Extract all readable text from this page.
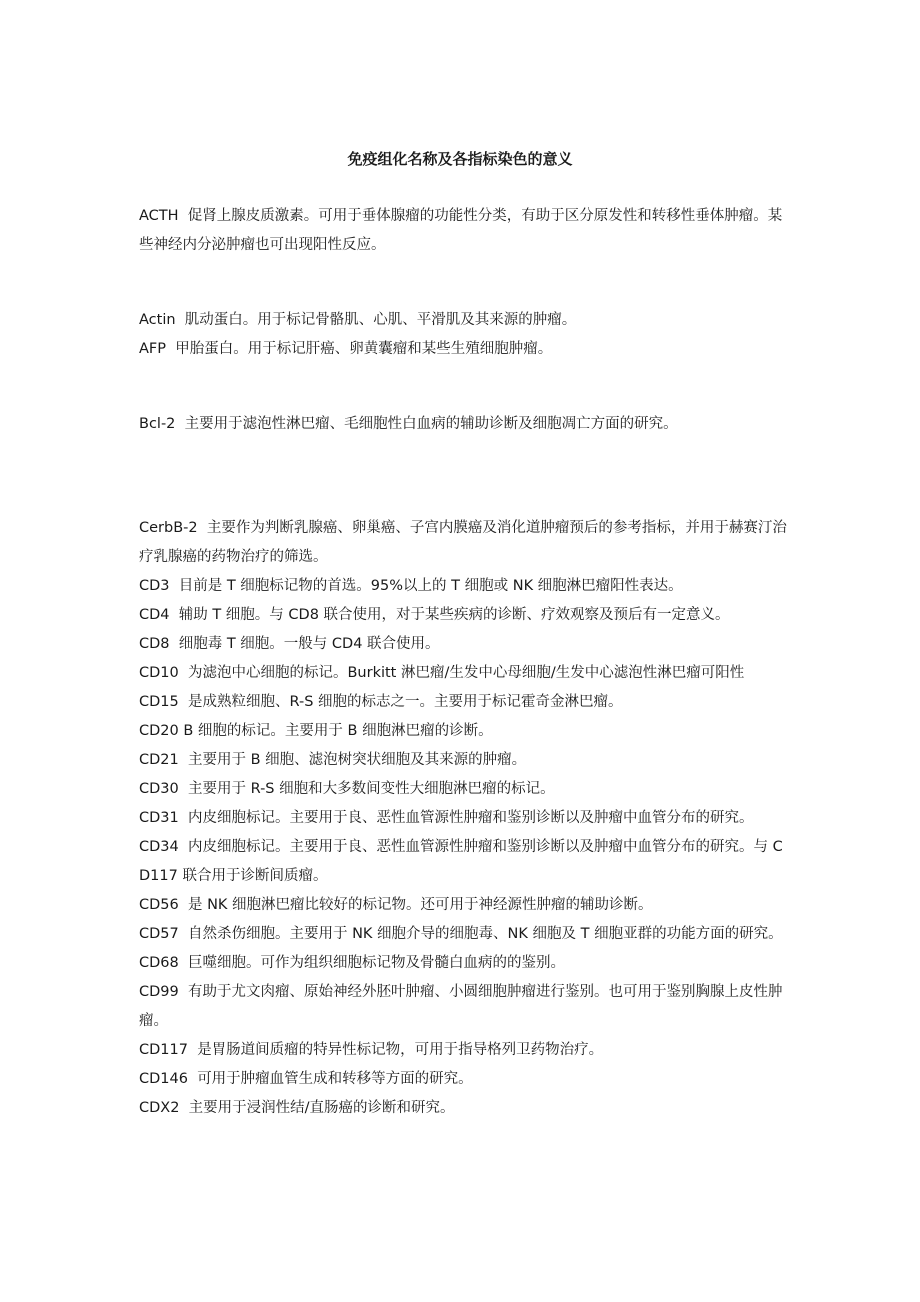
免疫组化名称及各指标染色的意义

ACTH 促肾上腺皮质激素。可用于垂体腺瘤的功能性分类，有助于区分原发性和转移性垂体肿瘤。某些神经内分泌肿瘤也可出现阳性反应。

Actin 肌动蛋白。用于标记骨骼肌、心肌、平滑肌及其来源的肿瘤。

AFP 甲胎蛋白。用于标记肝癌、卵黄囊瘤和某些生殖细胞肿瘤。

Bcl-2 主要用于滤泡性淋巴瘤、毛细胞性白血病的辅助诊断及细胞凋亡方面的研究。

CerbB-2 主要作为判断乳腺癌、卵巢癌、子宫内膜癌及消化道肿瘤预后的参考指标，并用于赫赛汀治疗乳腺癌的药物治疗的筛选。

CD3 目前是 T 细胞标记物的首选。95%以上的 T 细胞或 NK 细胞淋巴瘤阳性表达。

CD4 辅助 T 细胞。与 CD8 联合使用，对于某些疾病的诊断、疗效观察及预后有一定意义。

CD8 细胞毒 T 细胞。一般与 CD4 联合使用。

CD10 为滤泡中心细胞的标记。Burkitt 淋巴瘤/生发中心母细胞/生发中心滤泡性淋巴瘤可阳性

CD15 是成熟粒细胞、R-S 细胞的标志之一。主要用于标记霍奇金淋巴瘤。

CD20 B 细胞的标记。主要用于 B 细胞淋巴瘤的诊断。

CD21 主要用于 B 细胞、滤泡树突状细胞及其来源的肿瘤。

CD30 主要用于 R-S 细胞和大多数间变性大细胞淋巴瘤的标记。

CD31 内皮细胞标记。主要用于良、恶性血管源性肿瘤和鉴别诊断以及肿瘤中血管分布的研究。

CD34 内皮细胞标记。主要用于良、恶性血管源性肿瘤和鉴别诊断以及肿瘤中血管分布的研究。与 CD117 联合用于诊断间质瘤。

CD56 是 NK 细胞淋巴瘤比较好的标记物。还可用于神经源性肿瘤的辅助诊断。

CD57 自然杀伤细胞。主要用于 NK 细胞介导的细胞毒、NK 细胞及 T 细胞亚群的功能方面的研究。

CD68 巨噬细胞。可作为组织细胞标记物及骨髓白血病的的鉴别。

CD99 有助于尤文肉瘤、原始神经外胚叶肿瘤、小圆细胞肿瘤进行鉴别。也可用于鉴别胸腺上皮性肿瘤。

CD117 是胃肠道间质瘤的特异性标记物，可用于指导格列卫药物治疗。

CD146 可用于肿瘤血管生成和转移等方面的研究。

CDX2 主要用于浸润性结/直肠癌的诊断和研究。
